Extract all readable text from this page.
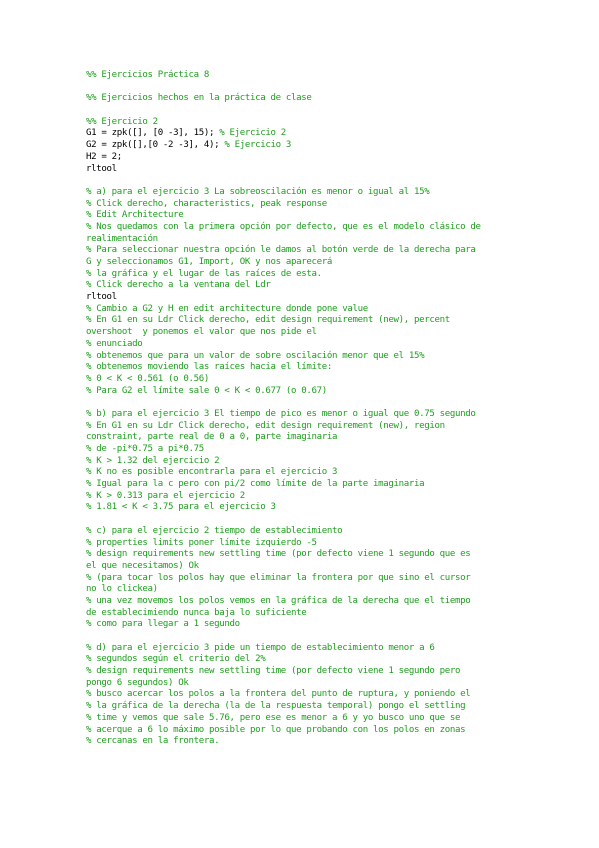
%% Ejercicios Práctica 8
%% Ejercicios hechos en la práctica de clase
%% Ejercicio 2
G1 = zpk([], [0 -3], 15); % Ejercicio 2
G2 = zpk([],[0 -2 -3], 4); % Ejercicio 3
H2 = 2;
rltool
% a) para el ejercicio 3 La sobreoscilación es menor o igual al 15%
% Click derecho, characteristics, peak response
% Edit Architecture
% Nos quedamos con la primera opción por defecto, que es el modelo clásico de
realimentación
% Para seleccionar nuestra opción le damos al botón verde de la derecha para
G y seleccionamos G1, Import, OK y nos aparecerá
% la gráfica y el lugar de las raíces de esta.
% Click derecho a la ventana del Ldr
rltool
% Cambio a G2 y H en edit architecture donde pone value
% En G1 en su Ldr Click derecho, edit design requirement (new), percent
overshoot  y ponemos el valor que nos pide el
% enunciado
% obtenemos que para un valor de sobre oscilación menor que el 15%
% obtenemos moviendo las raíces hacia el límite:
% 0 < K < 0.561 (o 0.56)
% Para G2 el límite sale 0 < K < 0.677 (o 0.67)
% b) para el ejercicio 3 El tiempo de pico es menor o igual que 0.75 segundo
% En G1 en su Ldr Click derecho, edit design requirement (new), region
constraint, parte real de 0 a 0, parte imaginaria
% de -pi*0.75 a pi*0.75
% K > 1.32 del ejercicio 2
% K no es posible encontrarla para el ejercicio 3
% Igual para la c pero con pi/2 como límite de la parte imaginaria
% K > 0.313 para el ejercicio 2
% 1.81 < K < 3.75 para el ejercicio 3
% c) para el ejercicio 2 tiempo de establecimiento
% properties limits poner límite izquierdo -5
% design requirements new settling time (por defecto viene 1 segundo que es
el que necesitamos) Ok
% (para tocar los polos hay que eliminar la frontera por que sino el cursor
no lo clickea)
% una vez movemos los polos vemos en la gráfica de la derecha que el tiempo
de establecimiendo nunca baja lo suficiente
% como para llegar a 1 segundo
% d) para el ejercicio 3 pide un tiempo de establecimiento menor a 6
% segundos según el criterio del 2%
% design requirements new settling time (por defecto viene 1 segundo pero
pongo 6 segundos) Ok
% busco acercar los polos a la frontera del punto de ruptura, y poniendo el
% la gráfica de la derecha (la de la respuesta temporal) pongo el settling
% time y vemos que sale 5.76, pero ese es menor a 6 y yo busco uno que se
% acerque a 6 lo máximo posible por lo que probando con los polos en zonas
% cercanas en la frontera.
